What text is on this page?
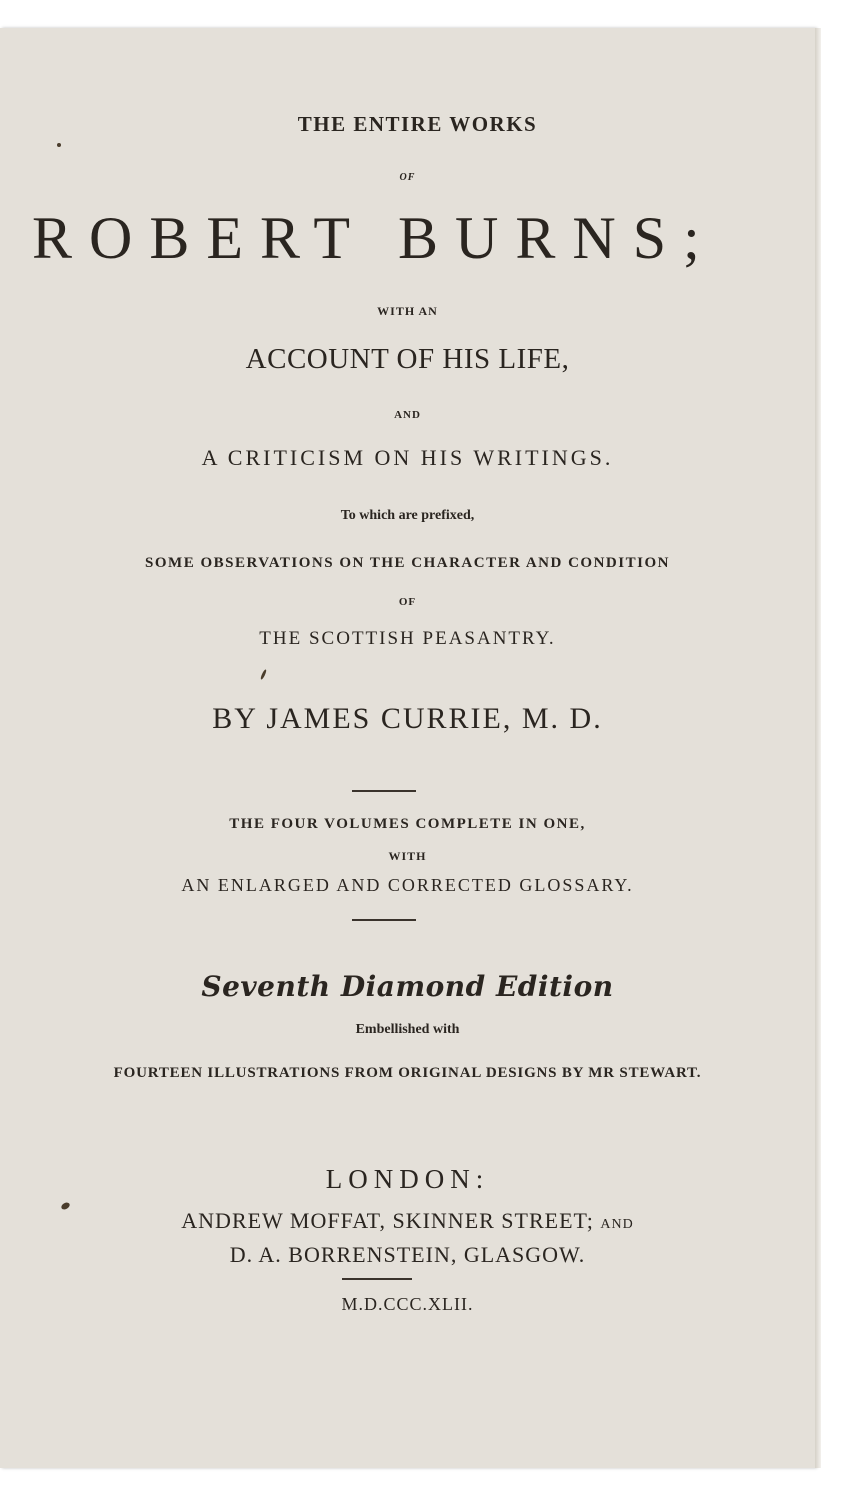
THE ENTIRE WORKS
OF
ROBERT BURNS;
WITH AN
ACCOUNT OF HIS LIFE,
AND
A CRITICISM ON HIS WRITINGS.
To which are prefixed,
SOME OBSERVATIONS ON THE CHARACTER AND CONDITION
OF
THE SCOTTISH PEASANTRY.
BY JAMES CURRIE, M. D.
THE FOUR VOLUMES COMPLETE IN ONE,
WITH
AN ENLARGED AND CORRECTED GLOSSARY.
Seventh Diamond Edition
Embellished with
FOURTEEN ILLUSTRATIONS FROM ORIGINAL DESIGNS BY MR STEWART.
LONDON:
ANDREW MOFFAT, SKINNER STREET; AND
D. A. BORRENSTEIN, GLASGOW.
M.D.CCC.XLII.
